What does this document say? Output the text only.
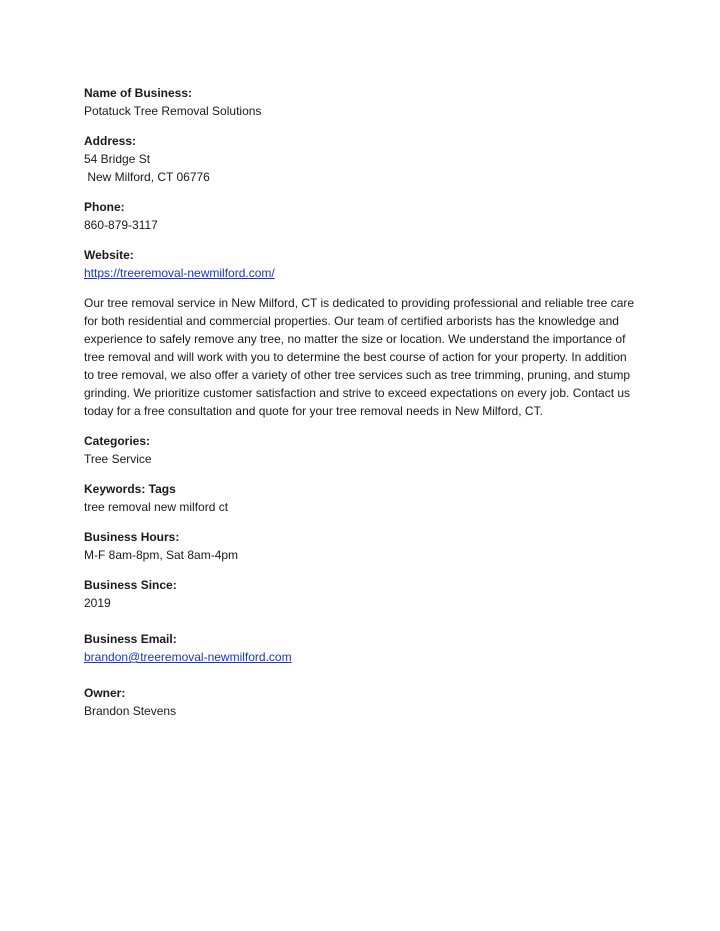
Name of Business:
Potatuck Tree Removal Solutions
Address:
54 Bridge St
New Milford, CT 06776
Phone:
860-879-3117
Website:
https://treeremoval-newmilford.com/
Our tree removal service in New Milford, CT is dedicated to providing professional and reliable tree care for both residential and commercial properties. Our team of certified arborists has the knowledge and experience to safely remove any tree, no matter the size or location. We understand the importance of tree removal and will work with you to determine the best course of action for your property. In addition to tree removal, we also offer a variety of other tree services such as tree trimming, pruning, and stump grinding. We prioritize customer satisfaction and strive to exceed expectations on every job. Contact us today for a free consultation and quote for your tree removal needs in New Milford, CT.
Categories:
Tree Service
Keywords: Tags
tree removal new milford ct
Business Hours:
M-F 8am-8pm, Sat 8am-4pm
Business Since:
2019
Business Email:
brandon@treeremoval-newmilford.com
Owner:
Brandon Stevens
